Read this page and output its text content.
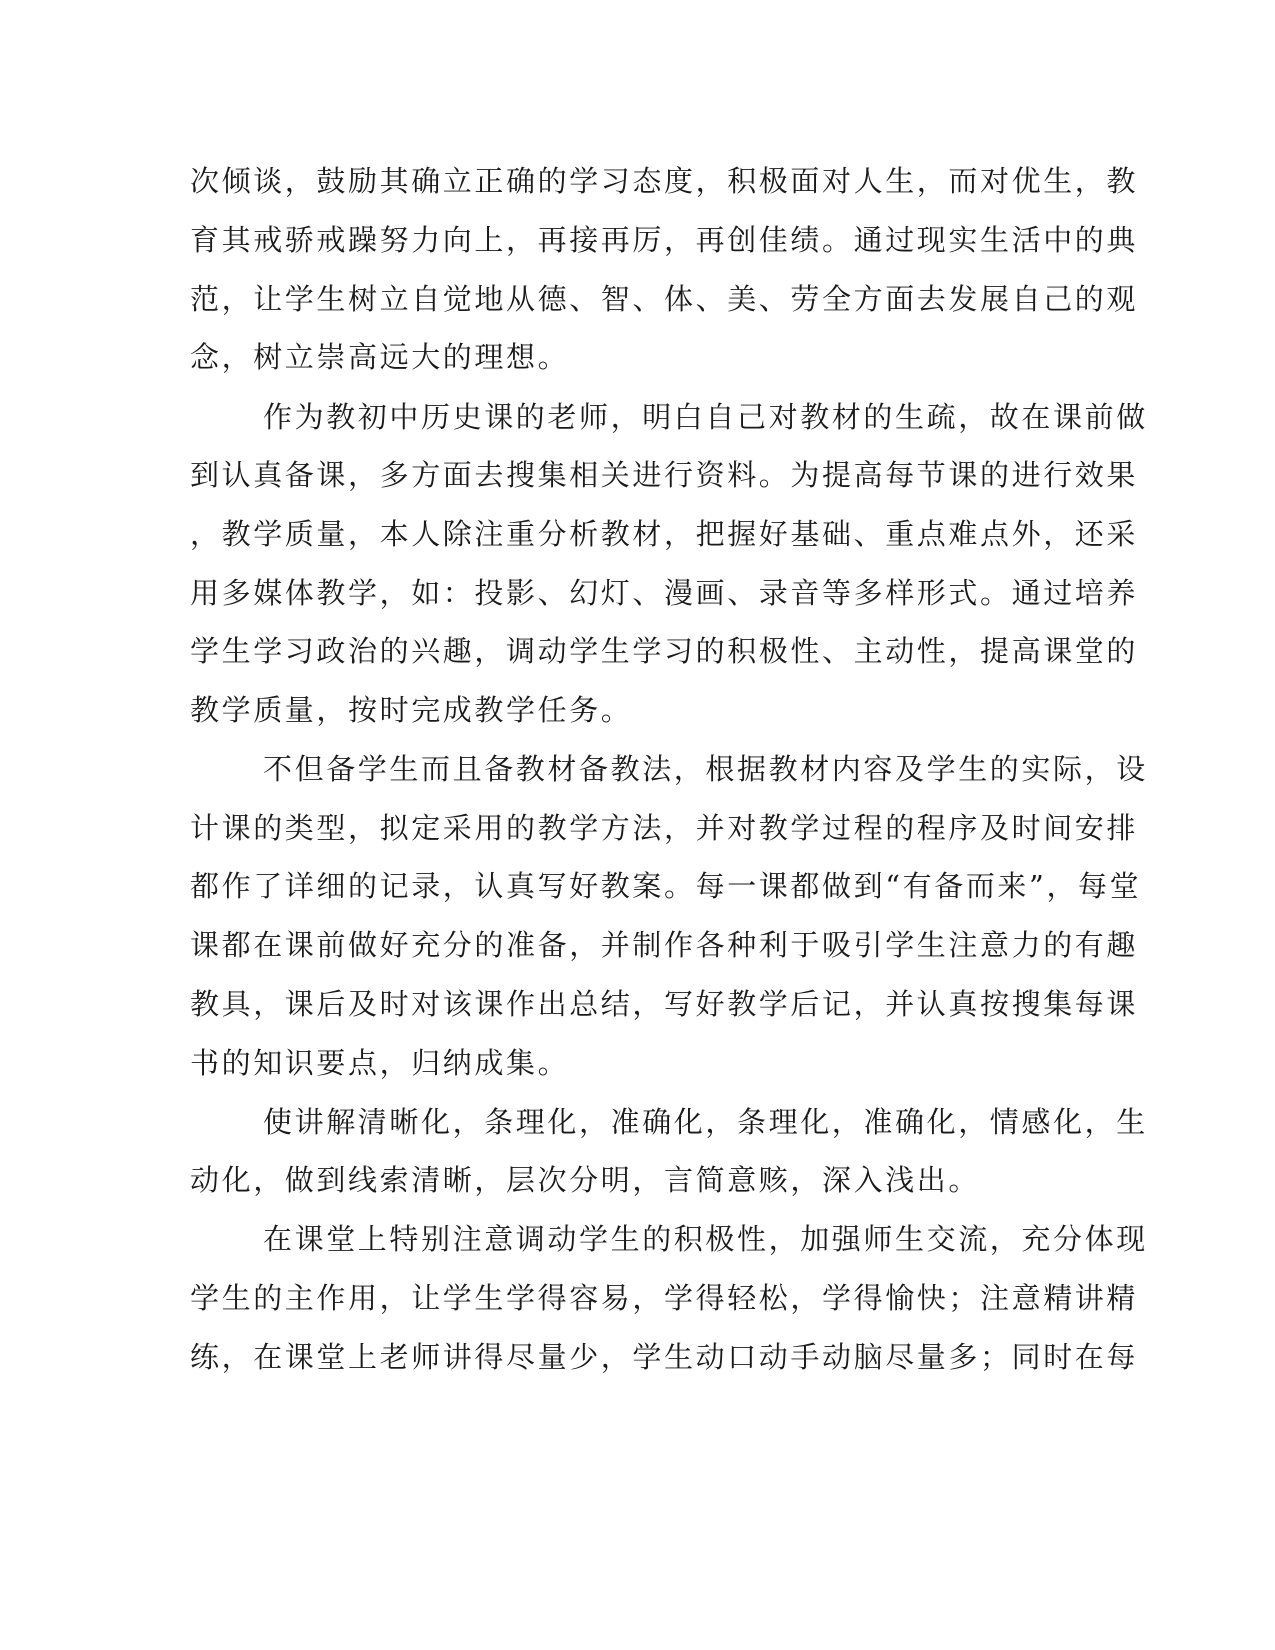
次倾谈，鼓励其确立正确的学习态度，积极面对人生，而对优生，教
育其戒骄戒躁努力向上，再接再厉，再创佳绩。通过现实生活中的典
范，让学生树立自觉地从德、智、体、美、劳全方面去发展自己的观
念，树立崇高远大的理想。
作为教初中历史课的老师，明白自己对教材的生疏，故在课前做
到认真备课，多方面去搜集相关进行资料。为提高每节课的进行效果
，教学质量，本人除注重分析教材，把握好基础、重点难点外，还采
用多媒体教学，如：投影、幻灯、漫画、录音等多样形式。通过培养
学生学习政治的兴趣，调动学生学习的积极性、主动性，提高课堂的
教学质量，按时完成教学任务。
不但备学生而且备教材备教法，根据教材内容及学生的实际，设
计课的类型，拟定采用的教学方法，并对教学过程的程序及时间安排
都作了详细的记录，认真写好教案。每一课都做到“有备而来”，每堂
课都在课前做好充分的准备，并制作各种利于吸引学生注意力的有趣
教具，课后及时对该课作出总结，写好教学后记，并认真按搜集每课
书的知识要点，归纳成集。
使讲解清晰化，条理化，准确化，条理化，准确化，情感化，生
动化，做到线索清晰，层次分明，言简意赅，深入浅出。
在课堂上特别注意调动学生的积极性，加强师生交流，充分体现
学生的主作用，让学生学得容易，学得轻松，学得愉快；注意精讲精
练，在课堂上老师讲得尽量少，学生动口动手动脑尽量多；同时在每
